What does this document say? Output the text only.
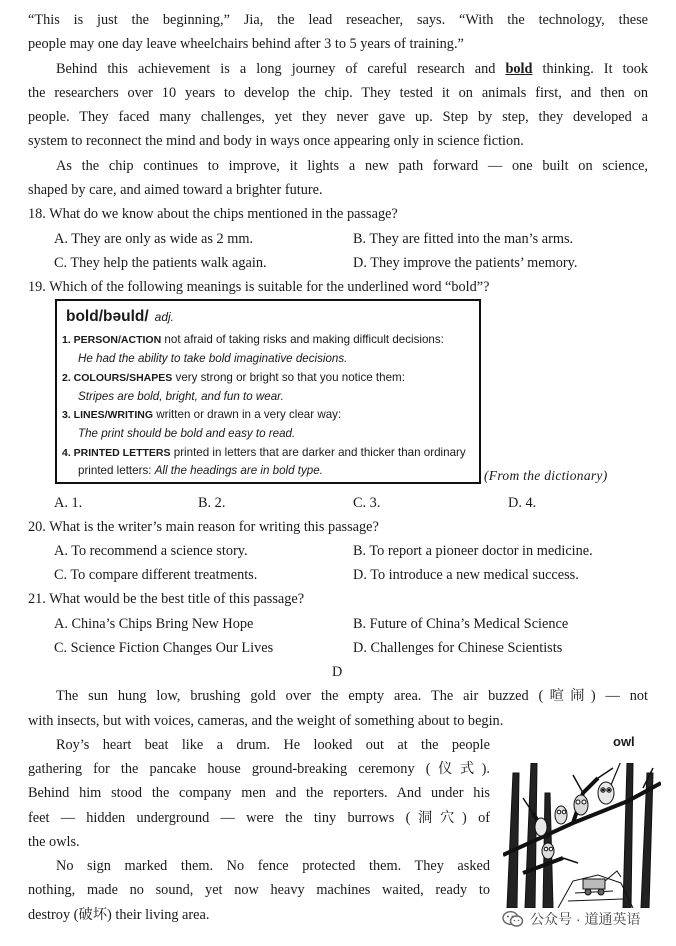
“This is just the beginning,” Jia, the lead reseacher, says. “With the technology, these
people may one day leave wheelchairs behind after 3 to 5 years of training.”
Behind this achievement is a long journey of careful research and bold thinking. It took
the researchers over 10 years to develop the chip. They tested it on animals first, and then on
people. They faced many challenges, yet they never gave up. Step by step, they developed a
system to reconnect the mind and body in ways once appearing only in science fiction.
As the chip continues to improve, it lights a new path forward — one built on science,
shaped by care, and aimed toward a brighter future.
18. What do we know about the chips mentioned in the passage?
A. They are only as wide as 2 mm.	B. They are fitted into the man’s arms.
C. They help the patients walk again.	D. They improve the patients’ memory.
19. Which of the following meanings is suitable for the underlined word “bold”?
bold/bəuld/ adj.
1. PERSON/ACTION not afraid of taking risks and making difficult decisions:
He had the ability to take bold imaginative decisions.
2. COLOURS/SHAPES very strong or bright so that you notice them:
Stripes are bold, bright, and fun to wear.
3. LINES/WRITING written or drawn in a very clear way:
The print should be bold and easy to read.
4. PRINTED LETTERS printed in letters that are darker and thicker than ordinary
printed letters: All the headings are in bold type.	(From the dictionary)
A. 1.	B. 2.	C. 3.	D. 4.
20. What is the writer’s main reason for writing this passage?
A. To recommend a science story.	B. To report a pioneer doctor in medicine.
C. To compare different treatments.	D. To introduce a new medical success.
21. What would be the best title of this passage?
A. China’s Chips Bring New Hope	B. Future of China’s Medical Science
C. Science Fiction Changes Our Lives	D. Challenges for Chinese Scientists
D
The sun hung low, brushing gold over the empty area. The air buzzed (喧闹) — not
with insects, but with voices, cameras, and the weight of something about to begin.
Roy’s heart beat like a drum. He looked out at the people
gathering for the pancake house ground-breaking ceremony (仪式).
Behind him stood the company men and the reporters. And under his
feet — hidden underground — were the tiny burrows (洞穴) of
the owls.
No sign marked them. No fence protected them. They asked
nothing, made no sound, yet now heavy machines waited, ready to
destroy (破坏) their living area.
owl
公众号 · 道通英语
